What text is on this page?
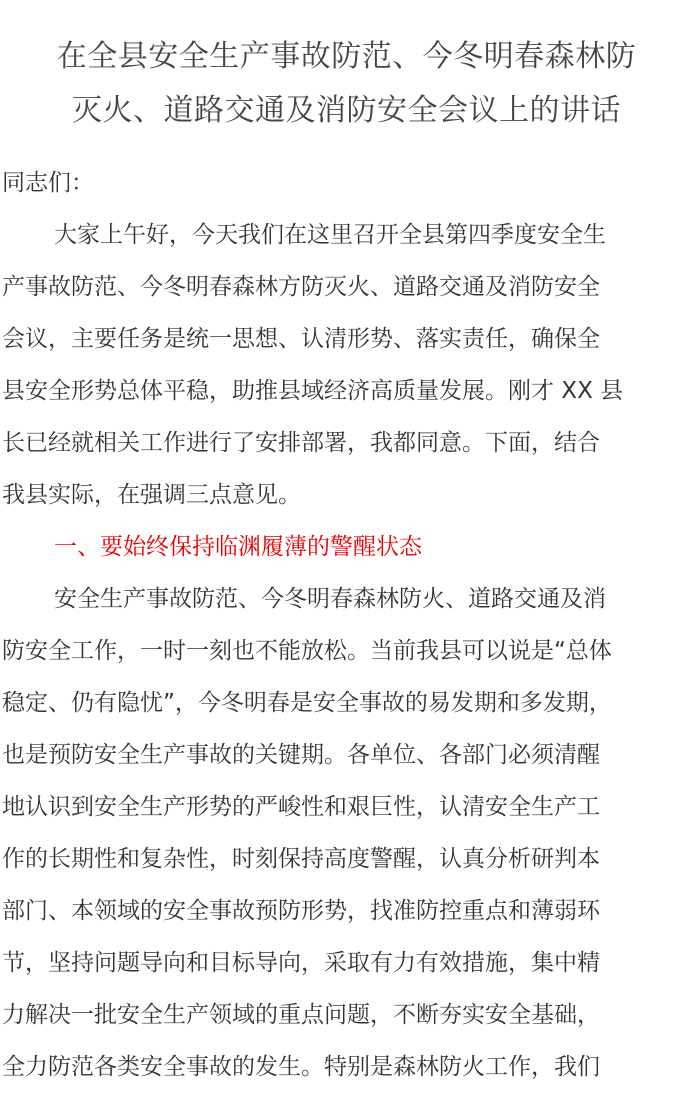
在全县安全生产事故防范、今冬明春森林防
灭火、道路交通及消防安全会议上的讲话
同志们：
大家上午好，今天我们在这里召开全县第四季度安全生
产事故防范、今冬明春森林方防灭火、道路交通及消防安全
会议，主要任务是统一思想、认清形势、落实责任，确保全
县安全形势总体平稳，助推县域经济高质量发展。刚才 XX 县
长已经就相关工作进行了安排部署，我都同意。下面，结合
我县实际，在强调三点意见。
一、要始终保持临渊履薄的警醒状态
安全生产事故防范、今冬明春森林防火、道路交通及消
防安全工作，一时一刻也不能放松。当前我县可以说是“总体
稳定、仍有隐忧”，今冬明春是安全事故的易发期和多发期，
也是预防安全生产事故的关键期。各单位、各部门必须清醒
地认识到安全生产形势的严峻性和艰巨性，认清安全生产工
作的长期性和复杂性，时刻保持高度警醒，认真分析研判本
部门、本领域的安全事故预防形势，找准防控重点和薄弱环
节，坚持问题导向和目标导向，采取有力有效措施，集中精
力解决一批安全生产领域的重点问题，不断夯实安全基础，
全力防范各类安全事故的发生。特别是森林防火工作，我们
